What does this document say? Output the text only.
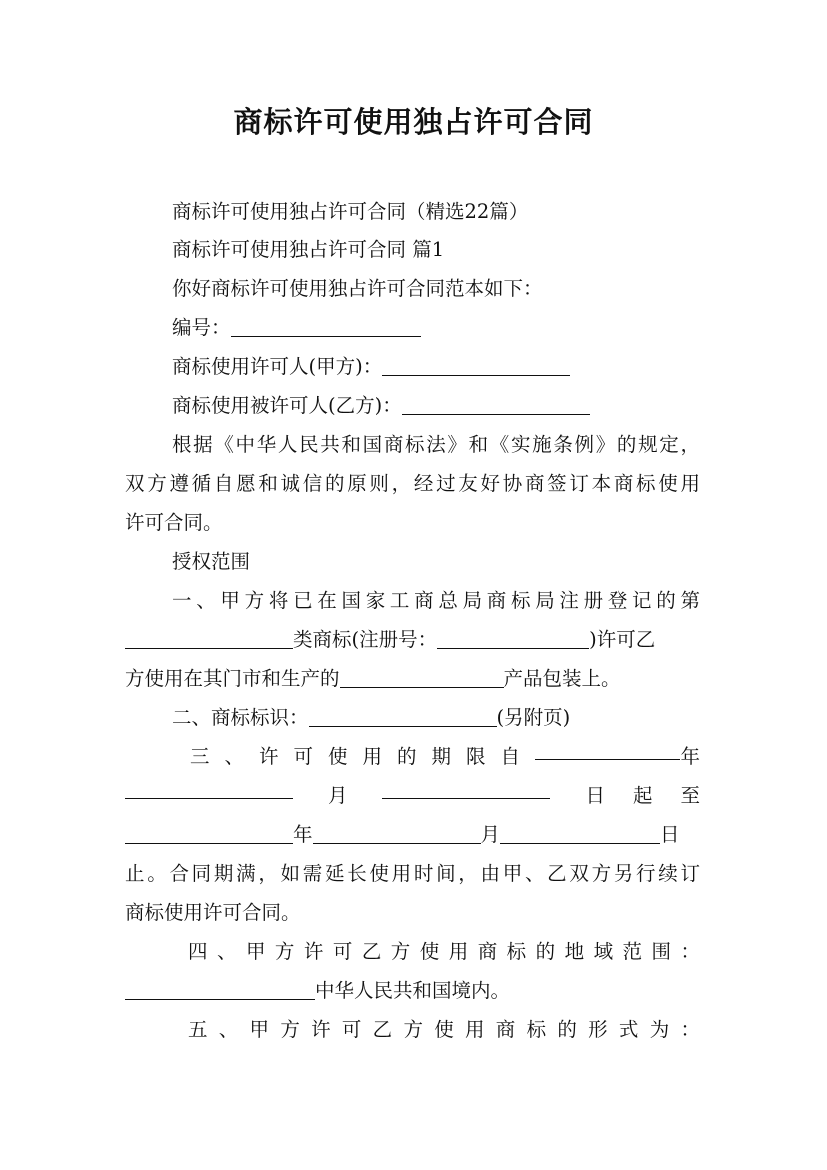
商标许可使用独占许可合同
商标许可使用独占许可合同（精选22篇）
商标许可使用独占许可合同 篇1
你好商标许可使用独占许可合同范本如下：
编号：
商标使用许可人(甲方)：
商标使用被许可人(乙方)：
根据《中华人民共和国商标法》和《实施条例》的规定，
双方遵循自愿和诚信的原则，经过友好协商签订本商标使用
许可合同。
授权范围
一、甲方将已在国家工商总局商标局注册登记的第
类商标(注册号：	)许可乙
方使用在其门市和生产的	产品包装上。
二、商标标识：	(另附页)
三、许可使用的期限自	年
月	日起至
年	月	日
止。合同期满，如需延长使用时间，由甲、乙双方另行续订
商标使用许可合同。
四、甲方许可乙方使用商标的地域范围：
中华人民共和国境内。
五、甲方许可乙方使用商标的形式为：
